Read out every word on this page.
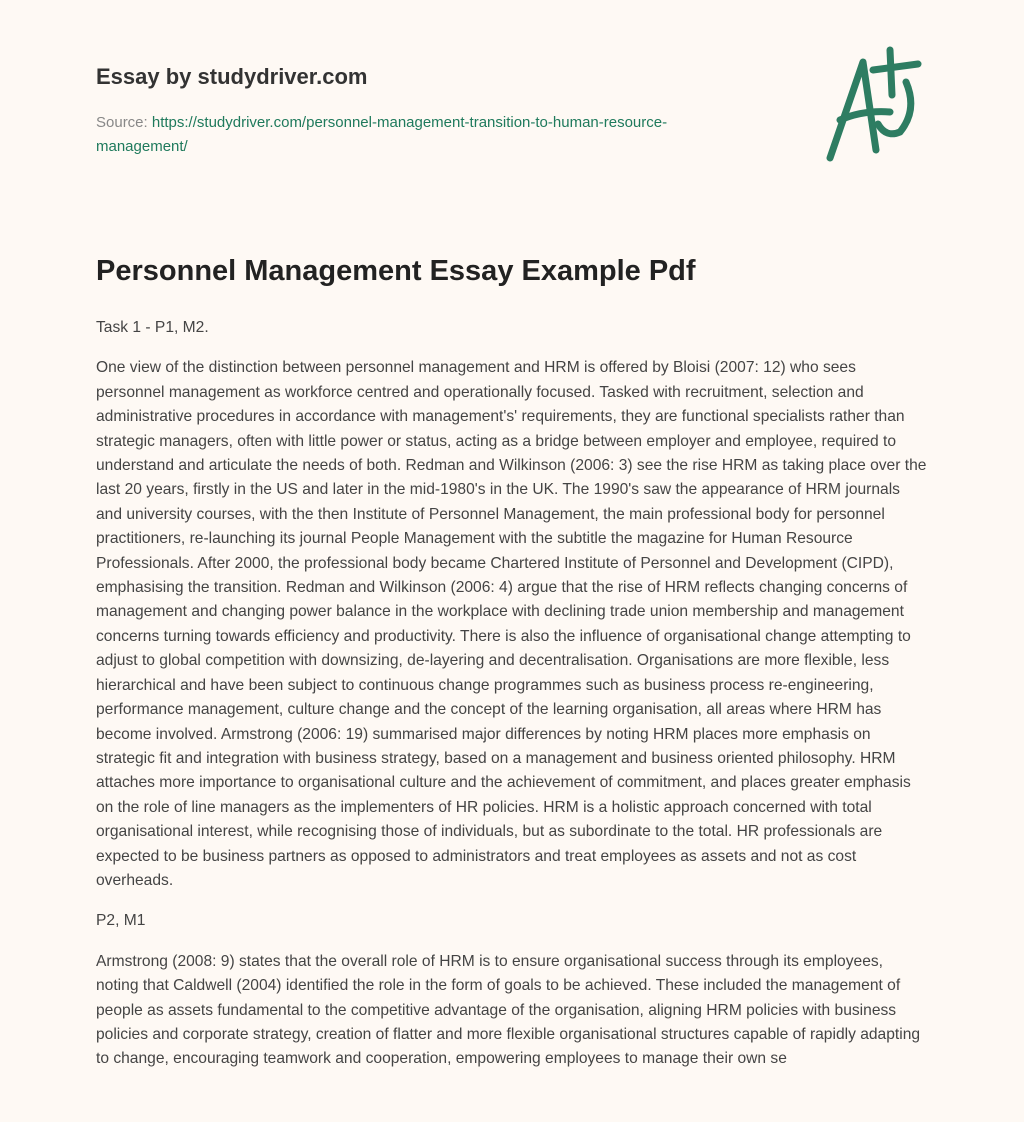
Essay by studydriver.com
Source: https://studydriver.com/personnel-management-transition-to-human-resource-management/
Personnel Management Essay Example Pdf

Task 1 - P1, M2.

One view of the distinction between personnel management and HRM is offered by Bloisi (2007: 12) who sees personnel management as workforce centred and operationally focused. Tasked with recruitment, selection and administrative procedures in accordance with management's' requirements, they are functional specialists rather than strategic managers, often with little power or status, acting as a bridge between employer and employee, required to understand and articulate the needs of both. Redman and Wilkinson (2006: 3) see the rise HRM as taking place over the last 20 years, firstly in the US and later in the mid-1980's in the UK. The 1990's saw the appearance of HRM journals and university courses, with the then Institute of Personnel Management, the main professional body for personnel practitioners, re-launching its journal People Management with the subtitle the magazine for Human Resource Professionals. After 2000, the professional body became Chartered Institute of Personnel and Development (CIPD), emphasising the transition. Redman and Wilkinson (2006: 4) argue that the rise of HRM reflects changing concerns of management and changing power balance in the workplace with declining trade union membership and management concerns turning towards efficiency and productivity. There is also the influence of organisational change attempting to adjust to global competition with downsizing, de-layering and decentralisation. Organisations are more flexible, less hierarchical and have been subject to continuous change programmes such as business process re-engineering, performance management, culture change and the concept of the learning organisation, all areas where HRM has become involved. Armstrong (2006: 19) summarised major differences by noting HRM places more emphasis on strategic fit and integration with business strategy, based on a management and business oriented philosophy. HRM attaches more importance to organisational culture and the achievement of commitment, and places greater emphasis on the role of line managers as the implementers of HR policies. HRM is a holistic approach concerned with total organisational interest, while recognising those of individuals, but as subordinate to the total. HR professionals are expected to be business partners as opposed to administrators and treat employees as assets and not as cost overheads.

P2, M1

Armstrong (2008: 9) states that the overall role of HRM is to ensure organisational success through its employees, noting that Caldwell (2004) identified the role in the form of goals to be achieved. These included the management of people as assets fundamental to the competitive advantage of the organisation, aligning HRM policies with business policies and corporate strategy, creation of flatter and more flexible organisational structures capable of rapidly adapting to change, encouraging teamwork and cooperation, empowering employees to manage their own se
